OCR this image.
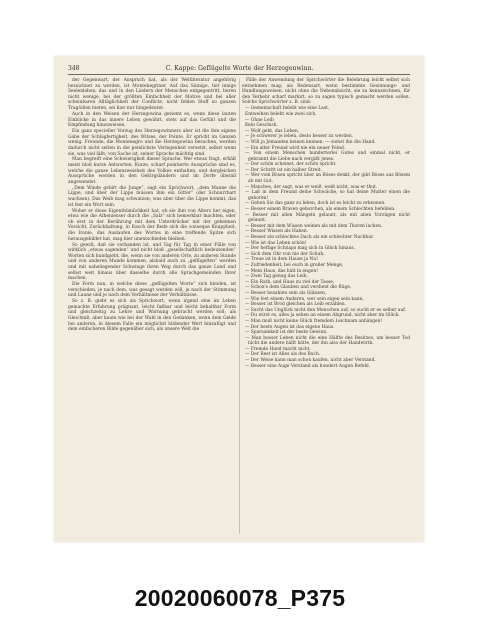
348	C. Kappe: Geflügelte Worte der Herzogenwinn.

der Gegenwart, der Anspruch hat, als der Weltliteratur angehörig bezeichnet zu werden, ist Montenegriner. Auf das Sinnige, tief innige Seelenleben, das und in den Liedern der Menschen entgegentritt, beren nicht wenige, bei der größten Einfachheit der Motive und bei aller scheinbaren Alltäglichkeit der Conflicte, nicht fehlen Stoff zu ganzen Tragödien bieten, sei hier nur hingedeutet.

Auch in den Weisen der Herzegowina geziemt es, wenn diese lauten Einblicke in das innere Leben gewährt, stets auf das Gefühl und die Empfindung hinzuweisen.

Ein ganz specieller Vorzug des Herzegowinners aber ist die ihm eigene Gabe der Schlagfertigkeit, des Witzes, der Pointe. Er spricht im Ganzen wenig. Freunde, die Montenegro und die Herzegowina besuchen, werden dadurch nicht selten in die peinlichste Verlegenheit versetzt, selbst wenn sie, was viel läßt; von Sache ist, seiner Sprache mächtig sind.

Man begreift eine Schwierigkeit dieser Sprache. Wer etwas fragt, erhält meist bloß kurze Antworten. Kurze, scharf pointierte Aussprüche sind es, welche die ganze Lebensweisheit des Volkes enthalten, und dergleichen Aussprüche werden in den Gebirgsländern und im Dorfe überall angewendet.

„Dem Winde gebirt die Junge“, sagt ein Sprichwort, „dem Manne die Lippe, und über der Lippe müssen ihm ein Gitter“ (der Schnurrbart wachsen). Das Weib mag schwatzen; was aber über die Lippe kommt, das ist fest ein Wort sein.

Woher er diese Eigenthümlichkeit hat, ob sie ihm von Alters her eigen, etwa wie die Athenienser durch die „Salz“ sich bemerkbar machten, oder ob erst in der Berührung mit dem Unterdrücker mit der geheimen Vorsicht, Zurückhaltung, in Rasch der Rede sich die conseque Knappheit, die Ironie, das Auslaufen des Wortes in eine treffende Spitze sich herausgebildet hat, mag hier unentschieden bleiben.

So gewiß, daß sie vorhanden ist, und Tag für Tag in einer Fülle von wirklich „etwas sagenden“ und nicht bloß „gesellschaftlich bedeutenden“ Worten sich kundgiebt, die, wenn sie von anderen Orte, zu anderen Stunde und von anderen Munde kommen, alsbald auch zu „geflügelten“ werden und mit naheliegender Schwinge ihren Weg durch das ganze Land und selbst weit hinaus über dasselbe durch alle Sprachgemeinden Ihrer machen.

Die Form nun, in welche diese „geflügelten Worte“ sich kleiden, ist verschieden, je nach dem, was gesagt werden will, je nach der Stimmung und Laune und je nach dem Verhältnisse der Verhältnisse.

So z. B. giebt es sich als Sprichwort, wenn irgend eine im Leben gemachte Erfahrung prägnant, leicht faßbar und leicht behaltbar Form und gleichzeitig zu Lehre und Warnung gebracht werden soll; als Gleichniß, aber kaum wie bei der Wahl in den Gedanken, wenn dem Gelde bei anderen, in diesem Falle ein möglichst bildender Wert hinzufügt und dem einfacheren Bilde gegenüber sich, als unsere Welt die

Fälle der Anwendung der Sprichwörter die Belehrung leicht selbst sich entnehmen mag; als Redensart, wenn bestimmte Gesinnungs- und Handlungsweisen, nicht ohne die Nebenabsicht, sie zu kennzeichnen, für den Verkehr scharf markirt, so zu sagen typisch gemacht werden sollen. Solche Sprichwörter z. B. sind:

— Gemeinschaft belebt wie eine Last,
Entweihen belebt wie zwei sich.
— Ohne Leib
Kein Geschick.
— Wolf geht, das Leben.
— Je schwerer je leben, desto besser zu werden.
— Will ja Jemanden keinen kennen, — siehst ihn die Hand.
— Ein alter Freund wird nie ein neuer Feind.
— Von einem Menschen hunderterlei Gutes und einmal nicht, er gebrannt die Liebe nach vergißt jenes.
— Der schön scheinet, der schön spricht.
— Der Schritt ist ein halber Streit.
— Wer vom Bösen spricht über an Böses denkt, der gibt Böses aus Bösem ab mit Gut.
— Manches, der sagt, was er weiß, weiß nicht, was er thut.
— Laß in dem Freund deine Schwäche, so hat deine Mutter einen die geboren!
— Gehen Sie das ganz zu leben, doch ist es leicht zu erkennen.
— Besser einem Braven gehorchen, als einem Schlechten befehlen.
— Besser mit allen Mängeln gelaunt, als mit allen Vorzügen nicht gelaunt.
— Besser mit dem Wissen weinen als mit dem Thoren lachen.
— Besser Wissen als Haben.
— Besser ein schlechtes Dach als ein schlechter Nachbar.
— Wie ist das Leben schön!
— Der heftige Schnaps mag sich in Glück hinaus.
— Sich dem Ohr von nie der Schuh,
— Treue ist in dem Hause ja Nu!
— Zufriedenheit, bei euch in großer Menge,
— Mein Haus, das hält in engen!
— Zwei Tag genug das Leib,
— Ein Rath, und Haus zu viel der Tasse,
— Schon's dem Glauben und verdient die Rüge.
— Besser bezahlen sein als Glänzen,
— Wie fest einem Anderen, wer sein eigen sein kann,
— Besser ist Brod gleichen als Leib erzählen.
— Sucht das Unglück nicht den Menschen auf, so sucht er es selber auf.
— Du wirst es, alles ja sehen an einem Abgrund, nicht aber im Glück.
— Man muß nicht keine Glück fremdem Leichnam anhängen!
— Der beste Augen ist das eigene Haus.
— Sparsamkeit ist der beste Gewinn.
— Man besser Leben nicht die eine Hälfte des Besitzes, um besser Tod nicht die andere hälft hätte, der ihn also der Handwirth.
— Fremde Hand macht nicht.
— Der Rest ist Alles als des Buch.
— Der Weise kann man schon kaufen, nicht aber Verstand.
— Besser eine Auge Verstand als hundert Augen Befehl.
20020060078_P375
